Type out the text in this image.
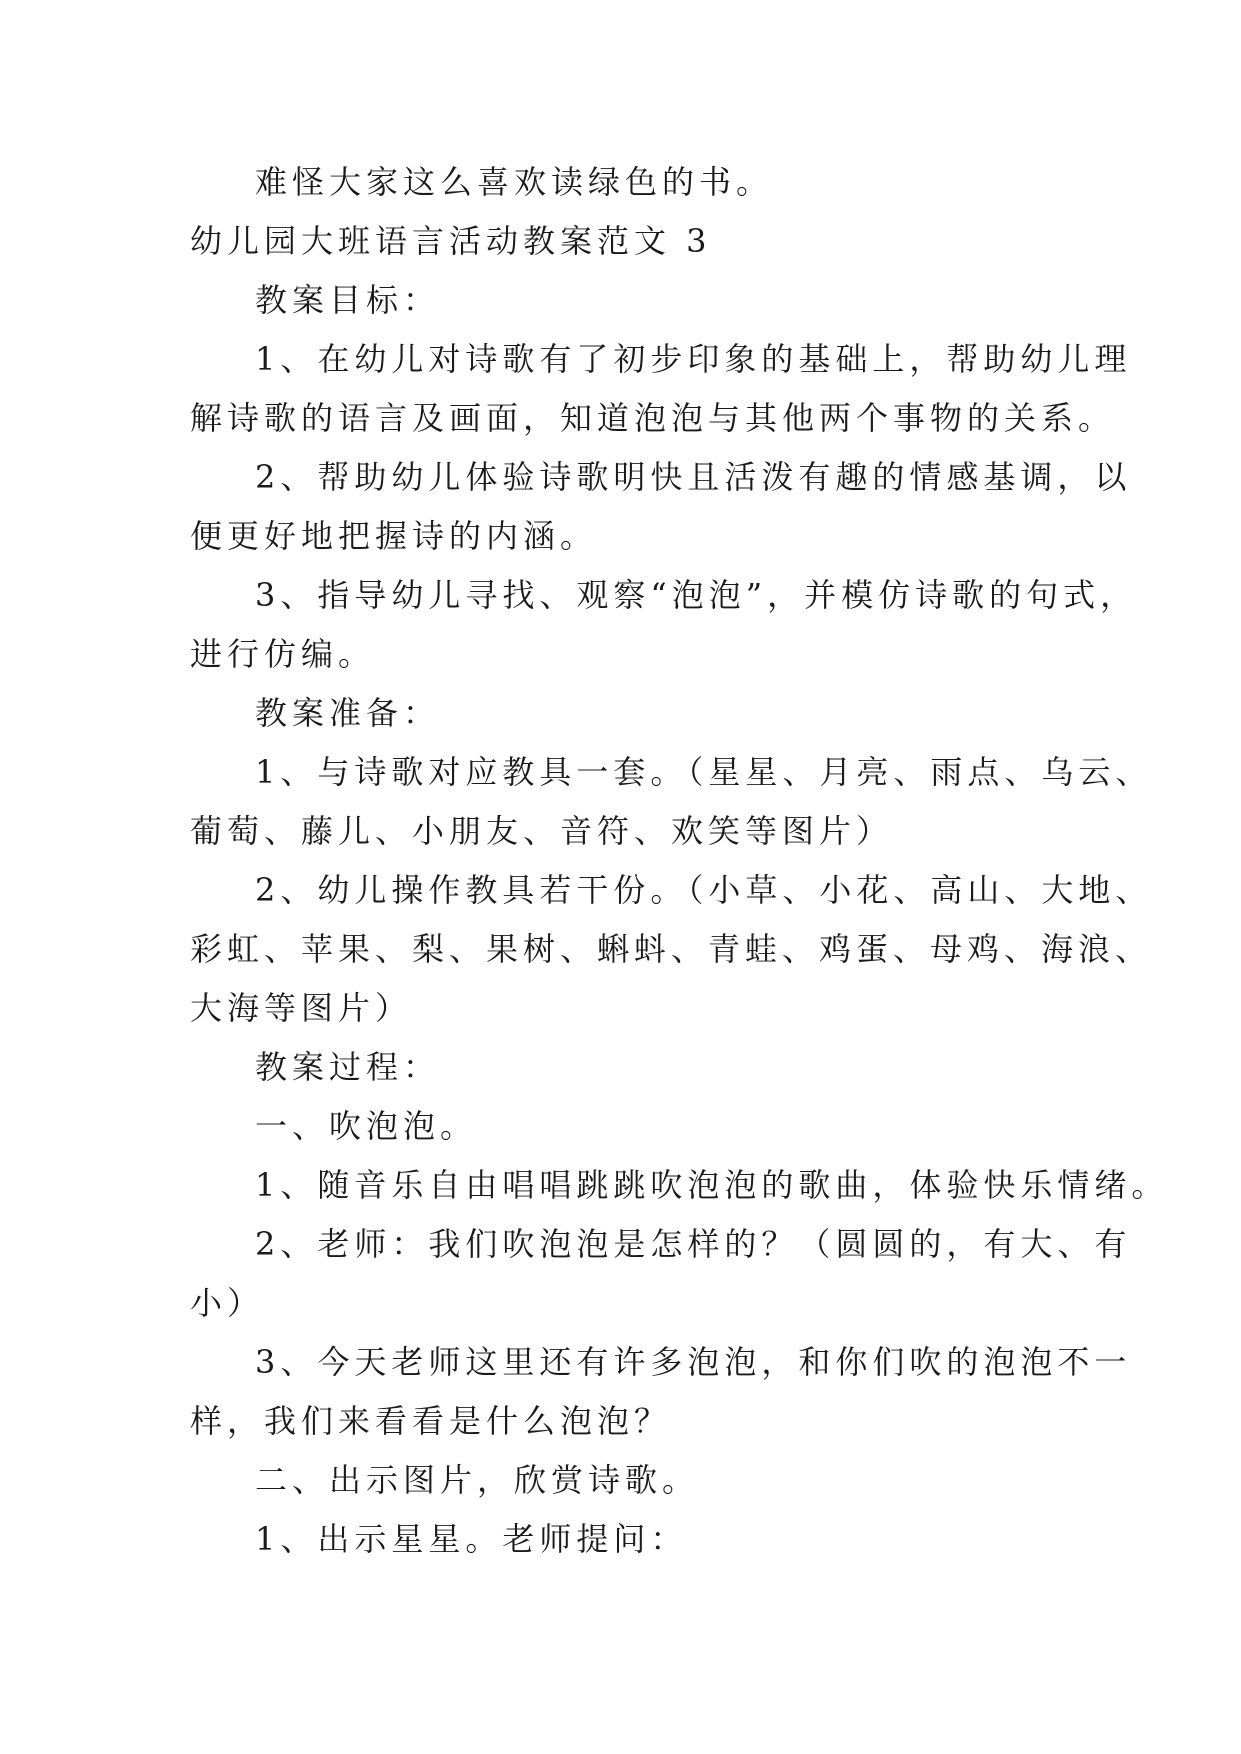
难怪大家这么喜欢读绿色的书。
幼儿园大班语言活动教案范文 3
教案目标：
1、在幼儿对诗歌有了初步印象的基础上，帮助幼儿理
解诗歌的语言及画面，知道泡泡与其他两个事物的关系。
2、帮助幼儿体验诗歌明快且活泼有趣的情感基调，以
便更好地把握诗的内涵。
3、指导幼儿寻找、观察“泡泡”，并模仿诗歌的句式，
进行仿编。
教案准备：
1、与诗歌对应教具一套。（星星、月亮、雨点、乌云、
葡萄、藤儿、小朋友、音符、欢笑等图片）
2、幼儿操作教具若干份。（小草、小花、高山、大地、
彩虹、苹果、梨、果树、蝌蚪、青蛙、鸡蛋、母鸡、海浪、
大海等图片）
教案过程：
一、吹泡泡。
1、随音乐自由唱唱跳跳吹泡泡的歌曲，体验快乐情绪。
2、老师：我们吹泡泡是怎样的？（圆圆的，有大、有
小）
3、今天老师这里还有许多泡泡，和你们吹的泡泡不一
样，我们来看看是什么泡泡？
二、出示图片，欣赏诗歌。
1、出示星星。老师提问：
